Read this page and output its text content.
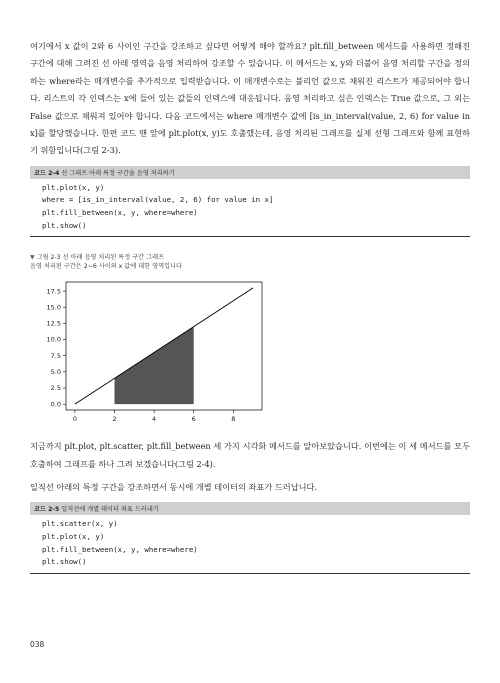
여기에서 x 값이 2와 6 사이인 구간을 강조하고 싶다면 어떻게 해야 할까요? plt.fill_between 메서드를 사용하면 정해진 구간에 대해 그려진 선 아래 영역을 음영 처리하여 강조할 수 있습니다. 이 메서드는 x, y와 더불어 음영 처리할 구간을 정의하는 where라는 매개변수를 추가적으로 입력받습니다. 이 매개변수로는 불리언 값으로 채워진 리스트가 제공되어야 합니다. 리스트의 각 인덱스는 x에 들어 있는 값들의 인덱스에 대응됩니다. 음영 처리하고 싶은 인덱스는 True 값으로, 그 외는 False 값으로 채워져 있어야 합니다. 다음 코드에서는 where 매개변수 값에 [is_in_interval(value, 2, 6) for value in x]를 할당했습니다. 한편 코드 맨 앞에 plt.plot(x, y)도 호출했는데, 음영 처리된 그래프를 실제 선형 그래프와 함께 표현하기 위함입니다(그림 2-3).

코드 2-4 선 그래프 아래 특정 구간을 음영 처리하기
plt.plot(x, y)
where = [is_in_interval(value, 2, 6) for value in x]
plt.fill_between(x, y, where=where)
plt.show()
▼ 그림 2-3 선 아래 음영 처리된 특정 구간 그래프
음영 처리된 구간은 2~6 사이의 x 값에 대한 영역입니다
0	2	4	6	8
0.0
2.5
5.0
7.5
10.0
12.5
15.0
17.5

지금까지 plt.plot, plt.scatter, plt.fill_between 세 가지 시각화 메서드를 알아보았습니다. 이번에는 이 세 메서드를 모두 호출하여 그래프를 하나 그려 보겠습니다(그림 2-4).

일직선 아래의 특정 구간을 강조하면서 동시에 개별 데이터의 좌표가 드러납니다.

코드 2-5 일직선에 개별 데이터 좌표 드러내기
plt.scatter(x, y)
plt.plot(x, y)
plt.fill_between(x, y, where=where)
plt.show()
038
